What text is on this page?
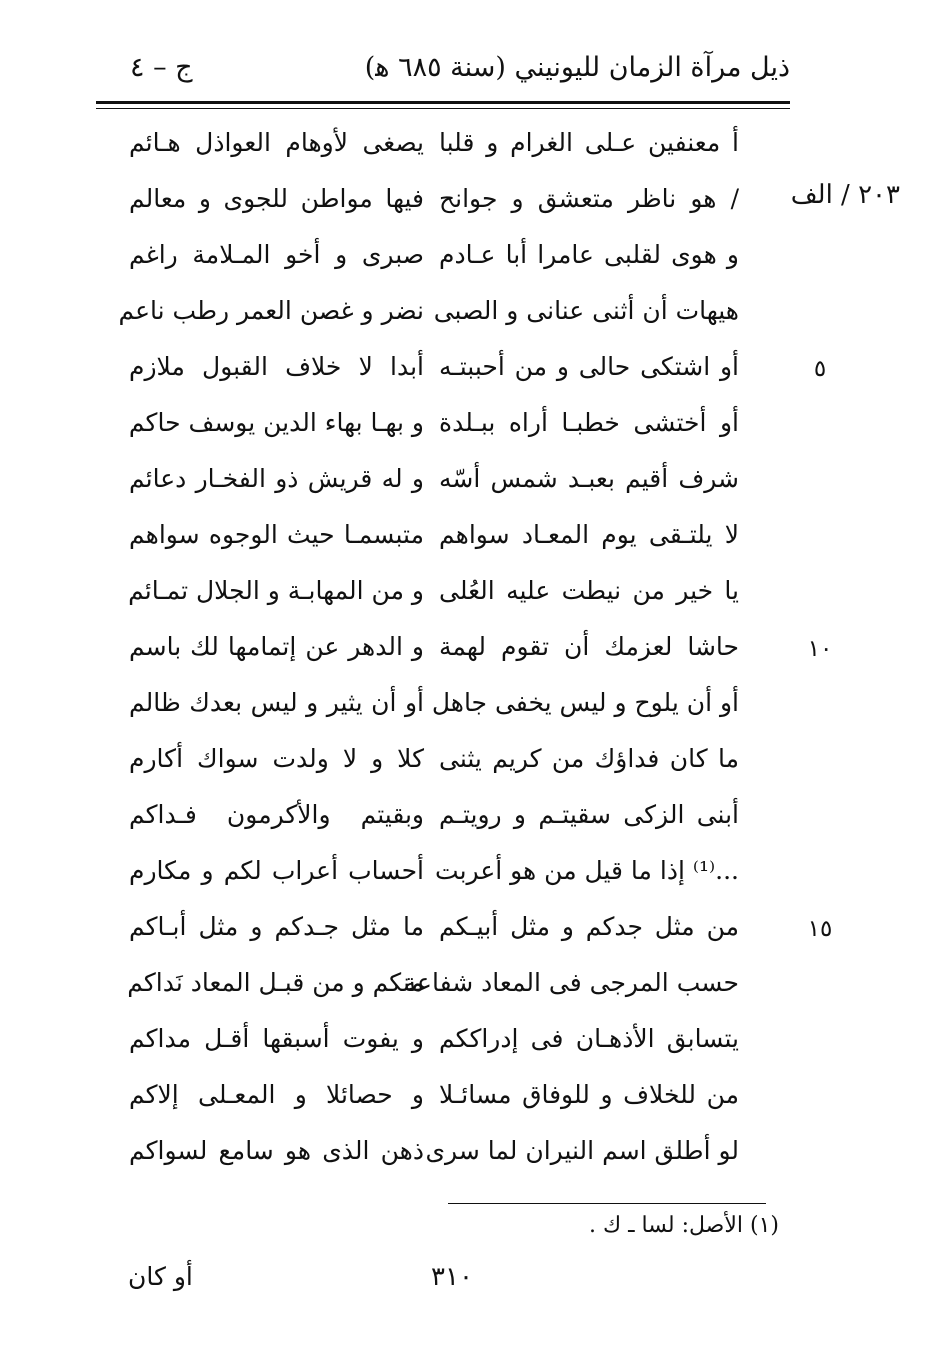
ذيل مرآة الزمان لليونيني (سنة ٦٨٥ ﻫ)
ج – ٤
٢٠٣ / الف
أ معنفين عـلى الغرام و قلبا
يصغى لأوهام العواذل هـائم
/ هو ناظر متعشق و جوانح
فيها مواطن للجوى و معالم
و هوى لقلبى عامرا أبا عـادم
صبرى و أخو المـلامة راغم
هيهات أن أثنى عنانى و الصبى
نضر و غصن العمر رطب ناعم
أو اشتكى حالى و من أحببتـه
أبدا لا خلاف القبول ملازم	٥
أو أختشى خطبـا أراه ببـلدة
و بهـا بهاء الدين يوسف حاكم
شرف أقيم بعبـد شمس أسّه
و له قريش ذو الفخـار دعائم
لا يلتـقى يوم المعـاد سواهم
متبسمـا حيث الوجوه سواهم
يا خير من نيطت عليه العُلى
و من المهابـة و الجلال تمـائم
حاشا لعزمك أن تقوم لهمة
و الدهر عن إتمامها لك باسم	١٠
أو أن يلوح و ليس يخفى جاهل
أو أن يثير و ليس بعدك ظالم
ما كان فداؤك من كريم يثنى
كلا و لا ولدت سواك أكارم
أبنى الزكى سقيتـم و رويتـم
وبقيتم والأكرمون فـداكم
...⁽¹⁾ إذا ما قيل من هو أعربت
أحساب أعراب لكم و مكارم
من مثل جدكم و مثل أبيـكم
ما مثل جـدكم و مثل أبـاكم	١٥
حسب المرجى فى المعاد شفاعة
منكم و من قبـل المعاد نَداكم
يتسابق الأذهـان فى إدراككم
و يفوت أسبقها أقـل مداكم
من للخلاف و للوفاق مسائـلا
و حصائلا و المعـلى إلاكم
لو أطلق اسم النيران لما سرى
ذهن الذى هو سامع لسواكم
(١) الأصل: لسا ـ ك .
٣١٠
أو كان
